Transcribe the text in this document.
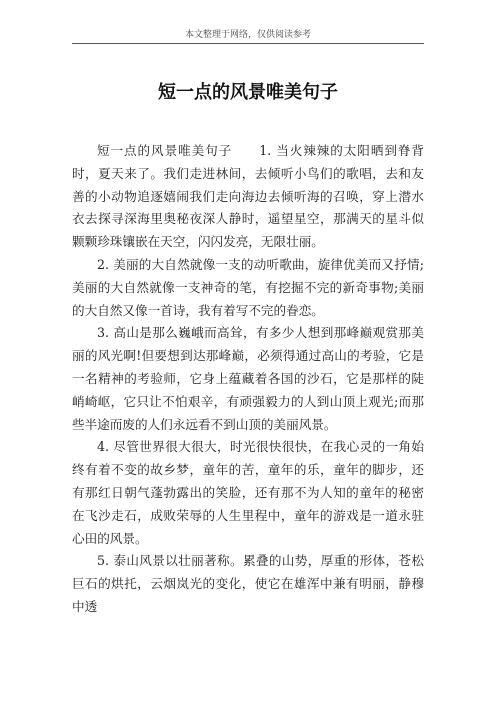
本文整理于网络，仅供阅读参考
短一点的风景唯美句子

短一点的风景唯美句子　　1. 当火辣辣的太阳晒到脊背时，夏天来了。我们走进林间，去倾听小鸟们的歌唱，去和友善的小动物追逐嬉闹我们走向海边去倾听海的召唤，穿上潜水衣去探寻深海里奥秘夜深人静时，遥望星空，那满天的星斗似颗颗珍珠镶嵌在天空，闪闪发亮，无限壮丽。

2. 美丽的大自然就像一支的动听歌曲，旋律优美而又抒情;美丽的大自然就像一支神奇的笔，有挖掘不完的新奇事物;美丽的大自然又像一首诗，我有着写不完的眷恋。

3. 高山是那么巍峨而高耸，有多少人想到那峰巅观赏那美丽的风光啊!但要想到达那峰巅，必须得通过高山的考验，它是一名精神的考验师，它身上蕴藏着各国的沙石，它是那样的陡峭崎岖，它只让不怕艰辛，有顽强毅力的人到山顶上观光;而那些半途而废的人们永远看不到山顶的美丽风景。

4. 尽管世界很大很大，时光很快很快，在我心灵的一角始终有着不变的故乡梦，童年的苦，童年的乐，童年的脚步，还有那红日朝气蓬勃露出的笑脸，还有那不为人知的童年的秘密在飞沙走石，成败荣辱的人生里程中，童年的游戏是一道永驻心田的风景。

5. 泰山风景以壮丽著称。累叠的山势，厚重的形体，苍松巨石的烘托，云烟岚光的变化，使它在雄浑中兼有明丽，静穆中透
